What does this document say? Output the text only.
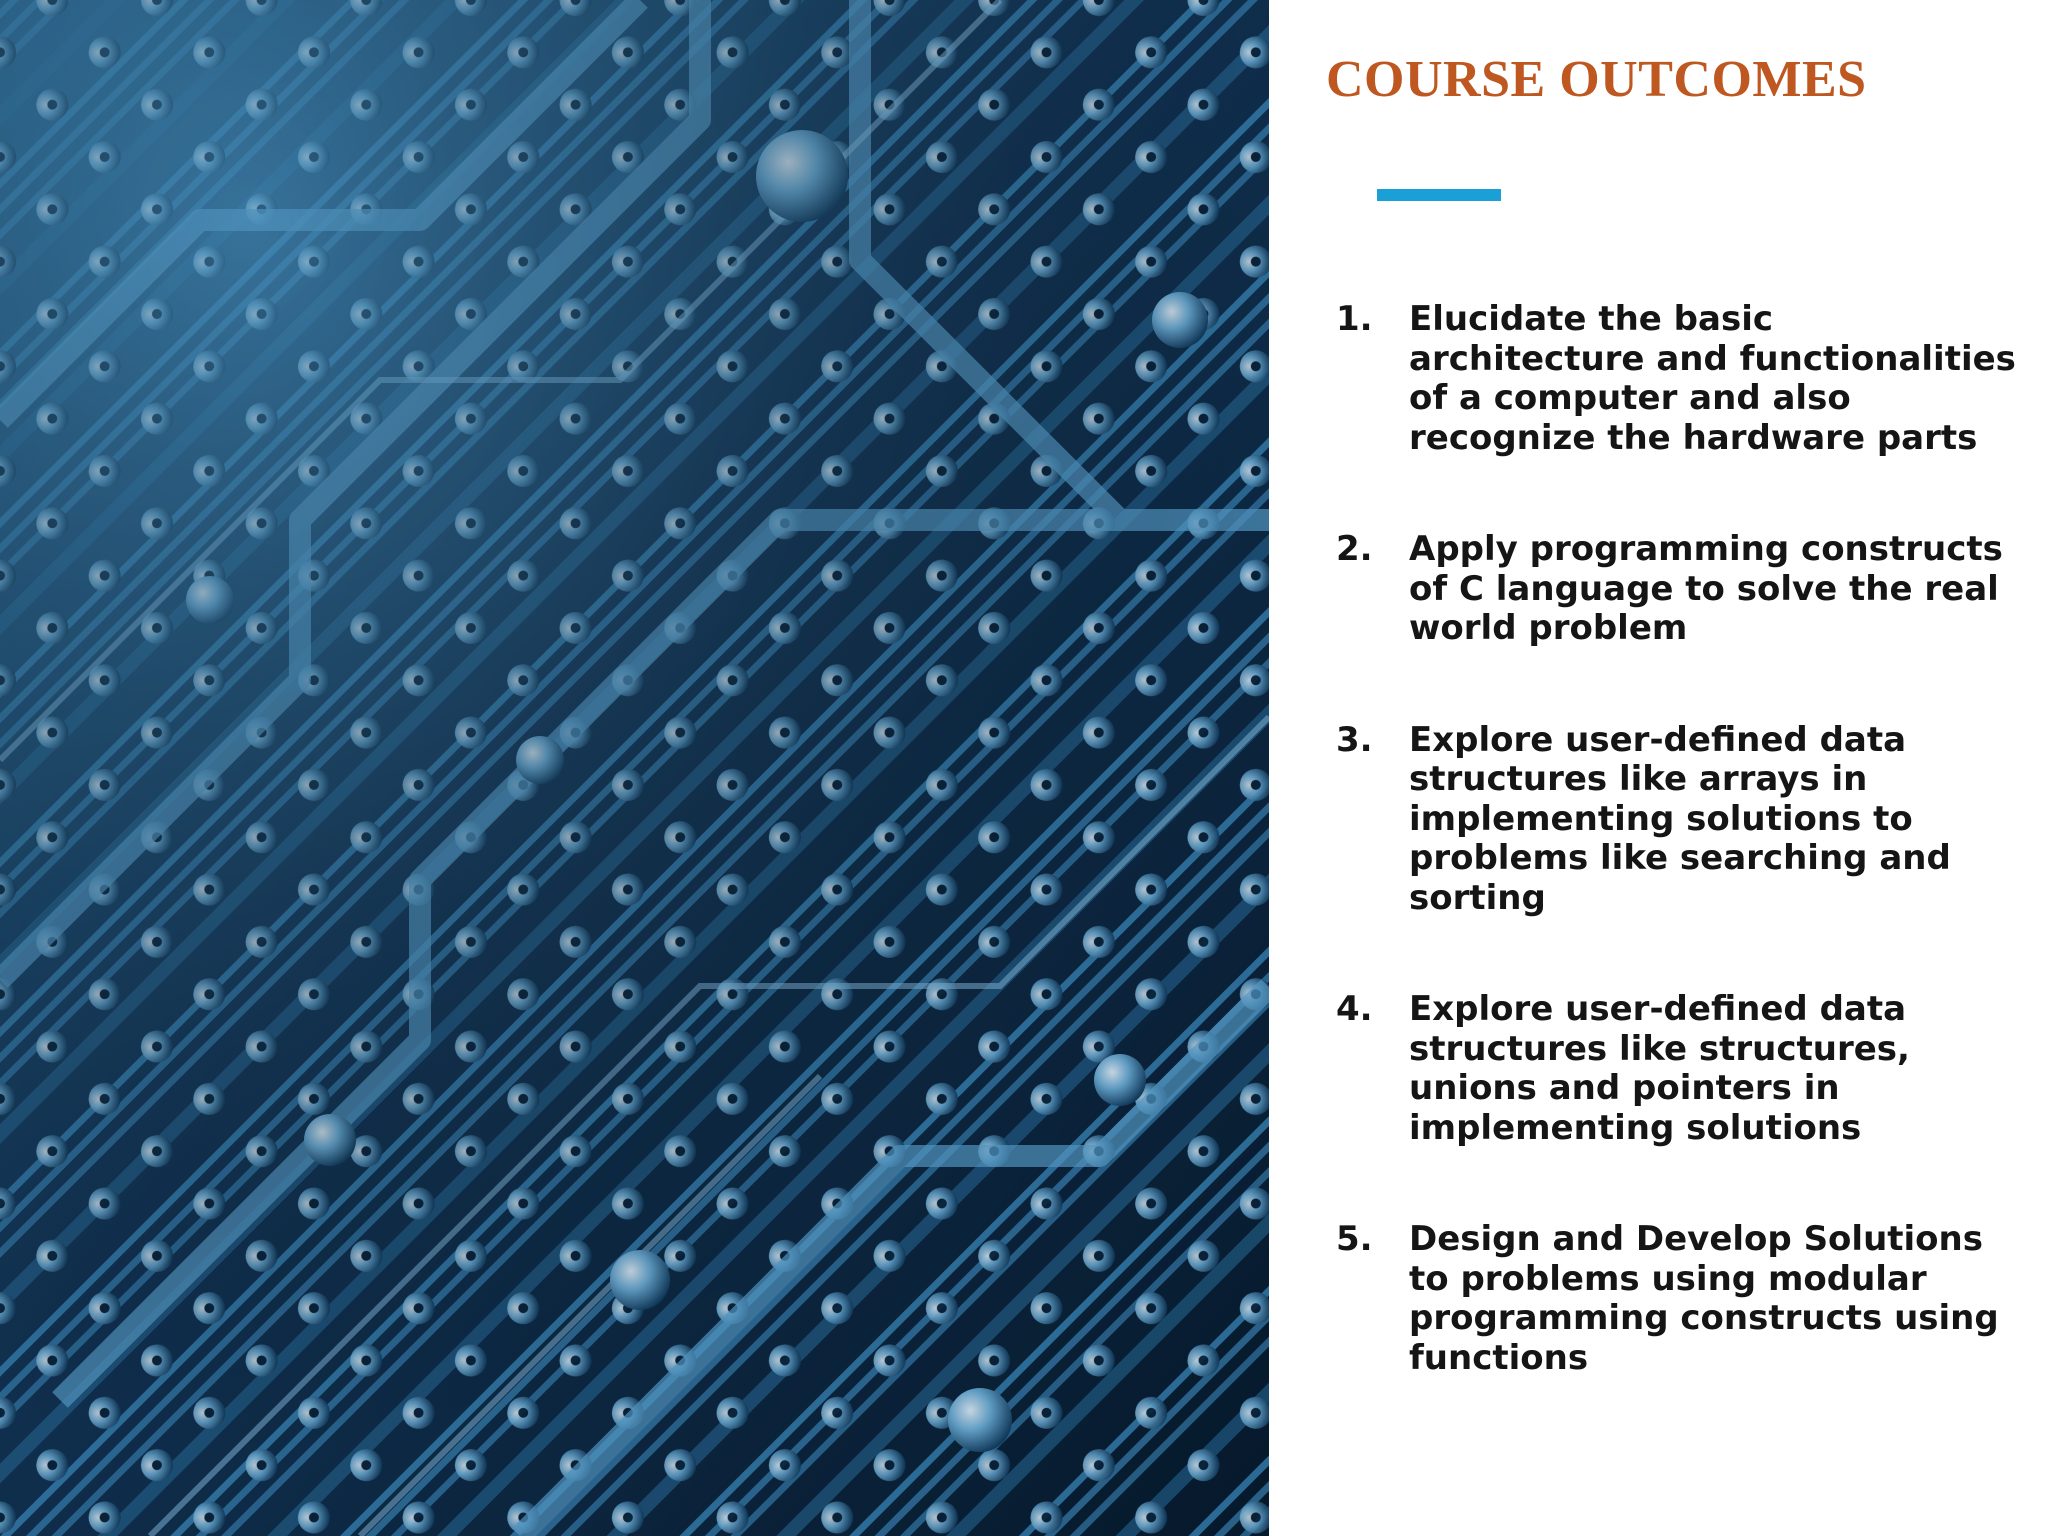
COURSE OUTCOMES
1. Elucidate the basic architecture and functionalities of a computer and also recognize the hardware parts
2. Apply programming constructs of C language to solve the real world problem
3. Explore user-defined data structures like arrays in implementing solutions to problems like searching and sorting
4. Explore user-defined data structures like structures, unions and pointers in implementing solutions
5. Design and Develop Solutions to problems using modular programming constructs using functions
